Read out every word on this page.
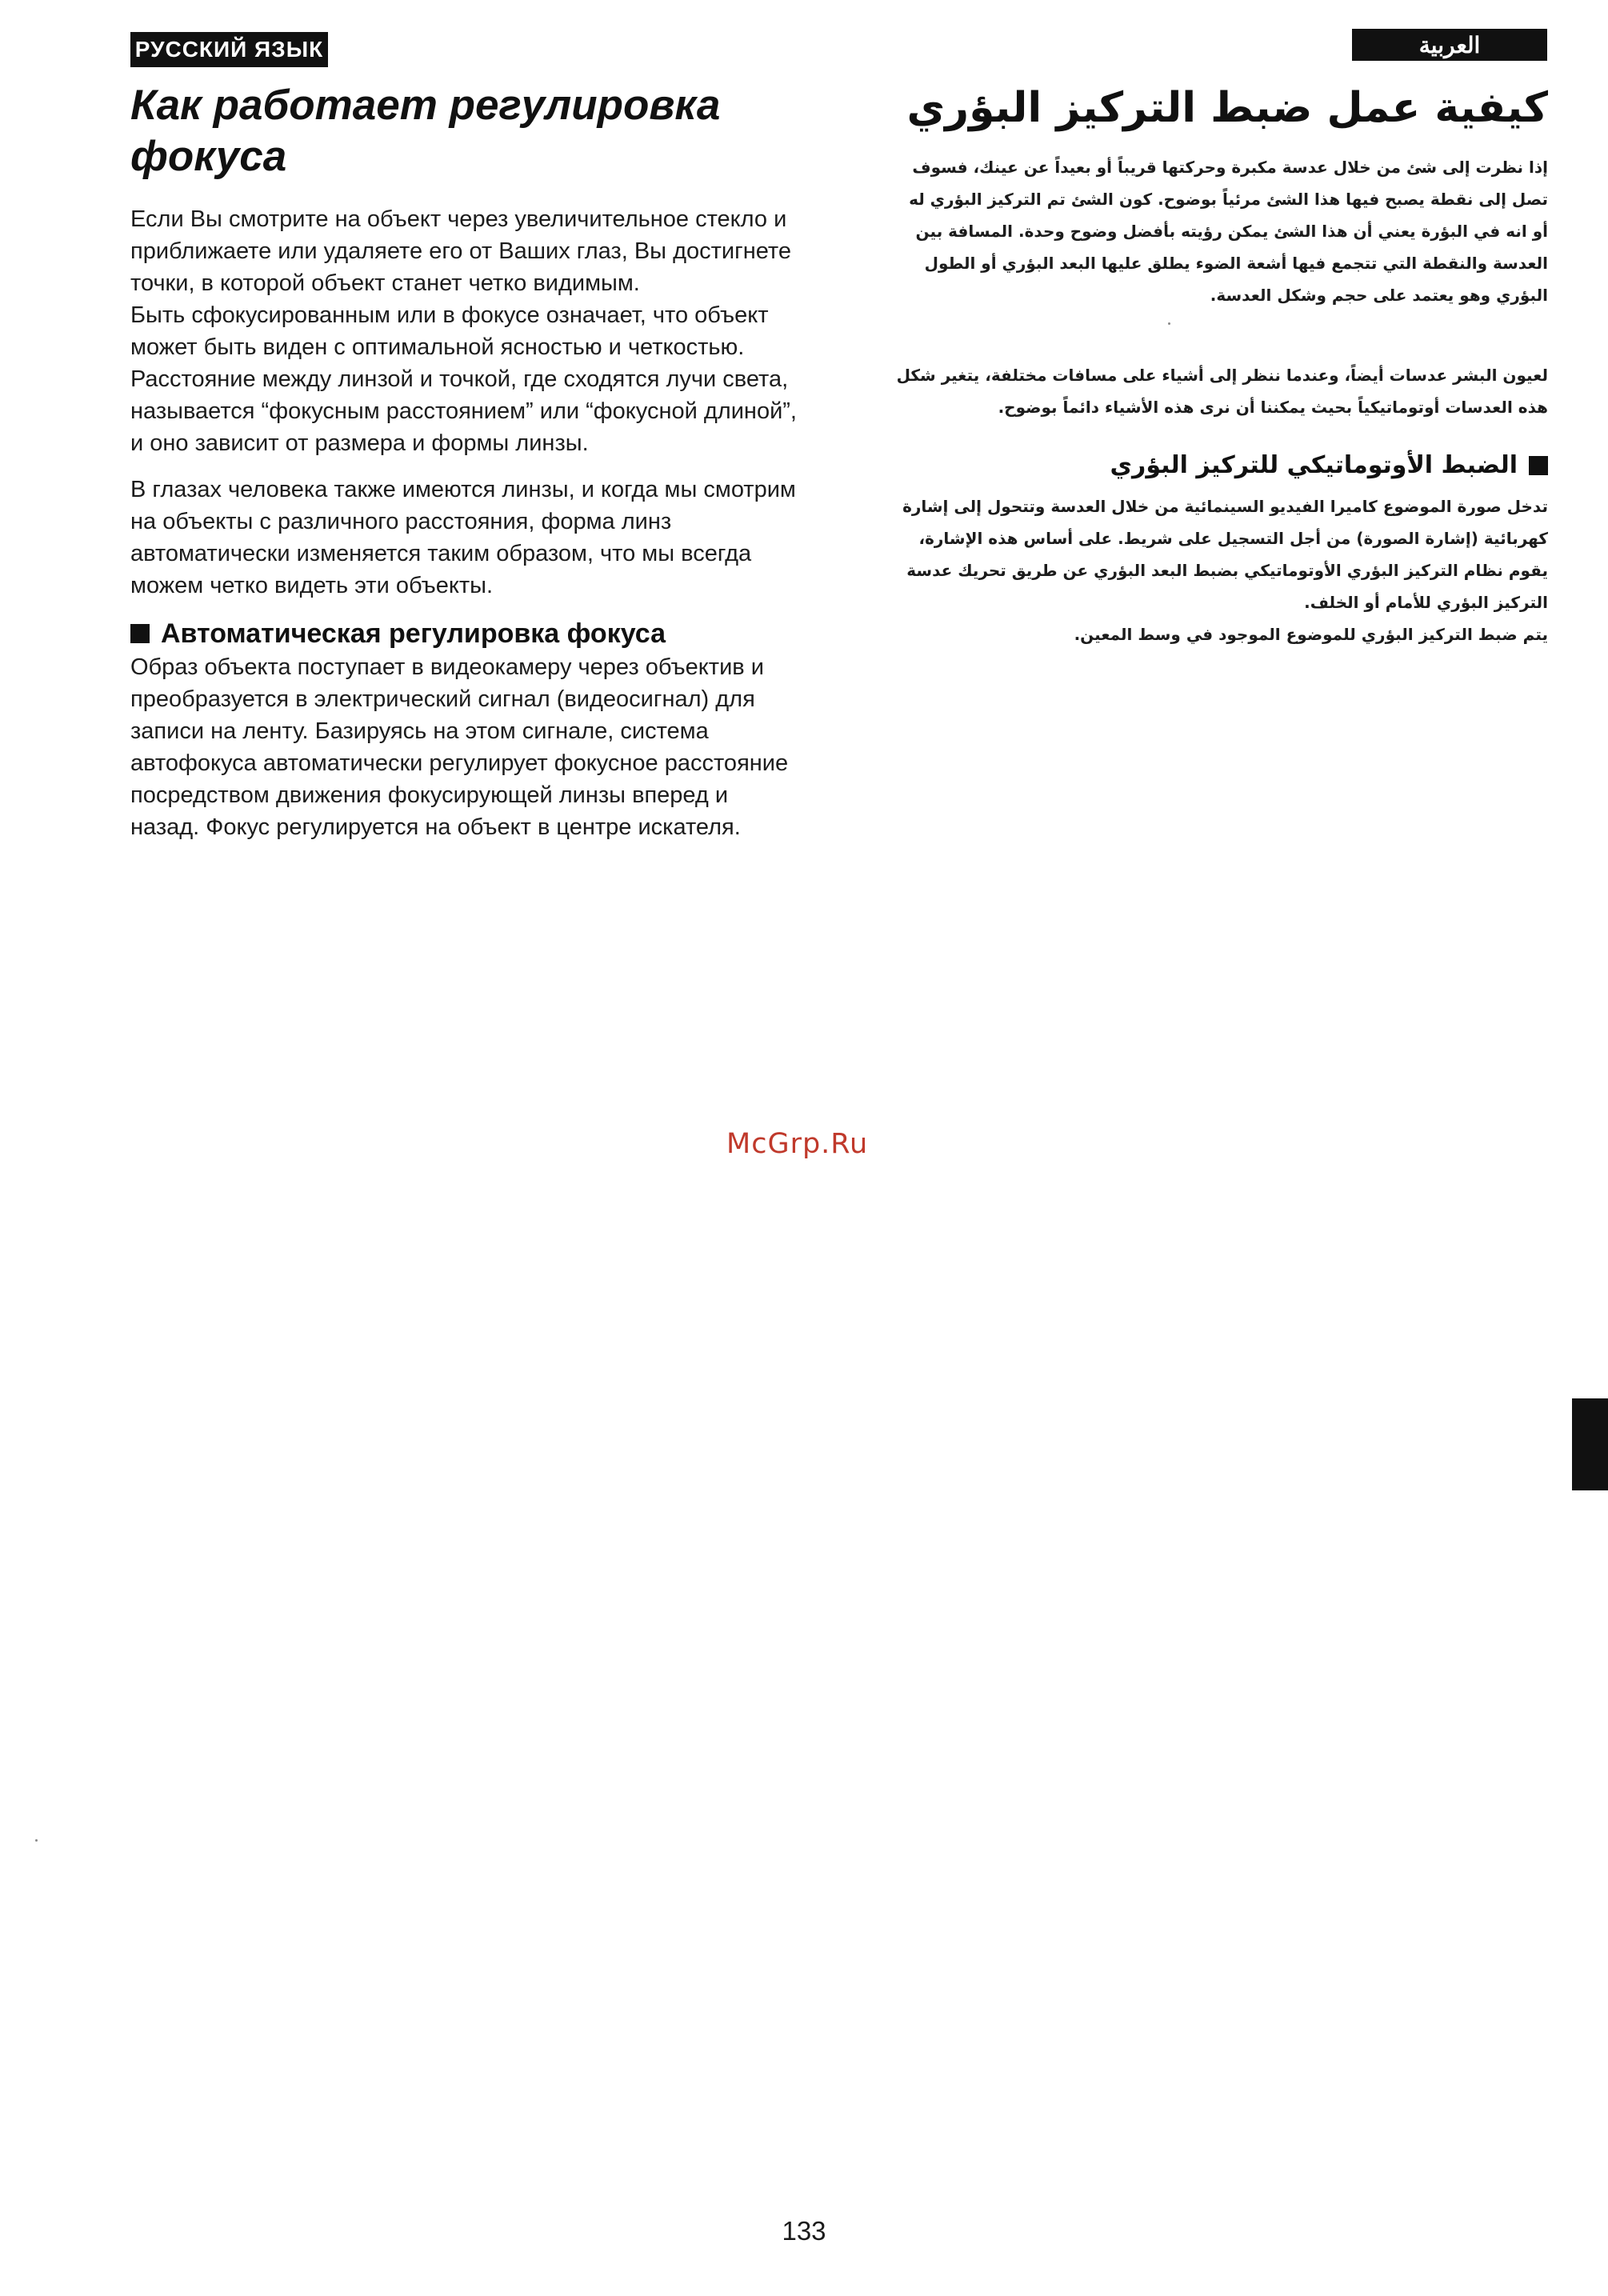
РУССКИЙ ЯЗЫК	العربية
Как работает регулировка фокуса

Если Вы смотрите на объект через увеличительное стекло и приближаете или удаляете его от Ваших глаз, Вы достигнете точки, в которой объект станет четко видимым.

Быть сфокусированным или в фокусе означает, что объект может быть виден с оптимальной ясностью и четкостью. Расстояние между линзой и точкой, где сходятся лучи света, называется “фокусным расстоянием” или “фокусной длиной”, и оно зависит от размера и формы линзы.

В глазах человека также имеются линзы, и когда мы смотрим на объекты с различного расстояния, форма линз автоматически изменяется таким образом, что мы всегда можем четко видеть эти объекты.

Автоматическая регулировка фокуса

Образ объекта поступает в видеокамеру через объектив и преобразуется в электрический сигнал (видеосигнал) для записи на ленту. Базируясь на этом сигнале, система автофокуса автоматически регулирует фокусное расстояние посредством движения фокусирующей линзы вперед и назад. Фокус регулируется на объект в центре искателя.

كيفية عمل ضبط التركيز البؤري

إذا نظرت إلى شئ من خلال عدسة مكبرة وحركتها قريباً أو بعيداً عن عينك، فسوف تصل إلى نقطة يصبح فيها هذا الشئ مرئياً بوضوح. كون الشئ تم التركيز البؤري له أو انه في البؤرة يعني أن هذا الشئ يمكن رؤيته بأفضل وضوح وحدة. المسافة بين العدسة والنقطة التي تتجمع فيها أشعة الضوء يطلق عليها البعد البؤري أو الطول البؤري وهو يعتمد على حجم وشكل العدسة.

لعيون البشر عدسات أيضاً، وعندما ننظر إلى أشياء على مسافات مختلفة، يتغير شكل هذه العدسات أوتوماتيكياً بحيث يمكننا أن نرى هذه الأشياء دائماً بوضوح.

الضبط الأوتوماتيكي للتركيز البؤري

تدخل صورة الموضوع كاميرا الفيديو السينمائية من خلال العدسة وتتحول إلى إشارة كهربائية (إشارة الصورة) من أجل التسجيل على شريط. على أساس هذه الإشارة، يقوم نظام التركيز البؤري الأوتوماتيكي بضبط البعد البؤري عن طريق تحريك عدسة التركيز البؤري للأمام أو الخلف.

يتم ضبط التركيز البؤري للموضوع الموجود في وسط المعين.

McGrp.Ru
133
